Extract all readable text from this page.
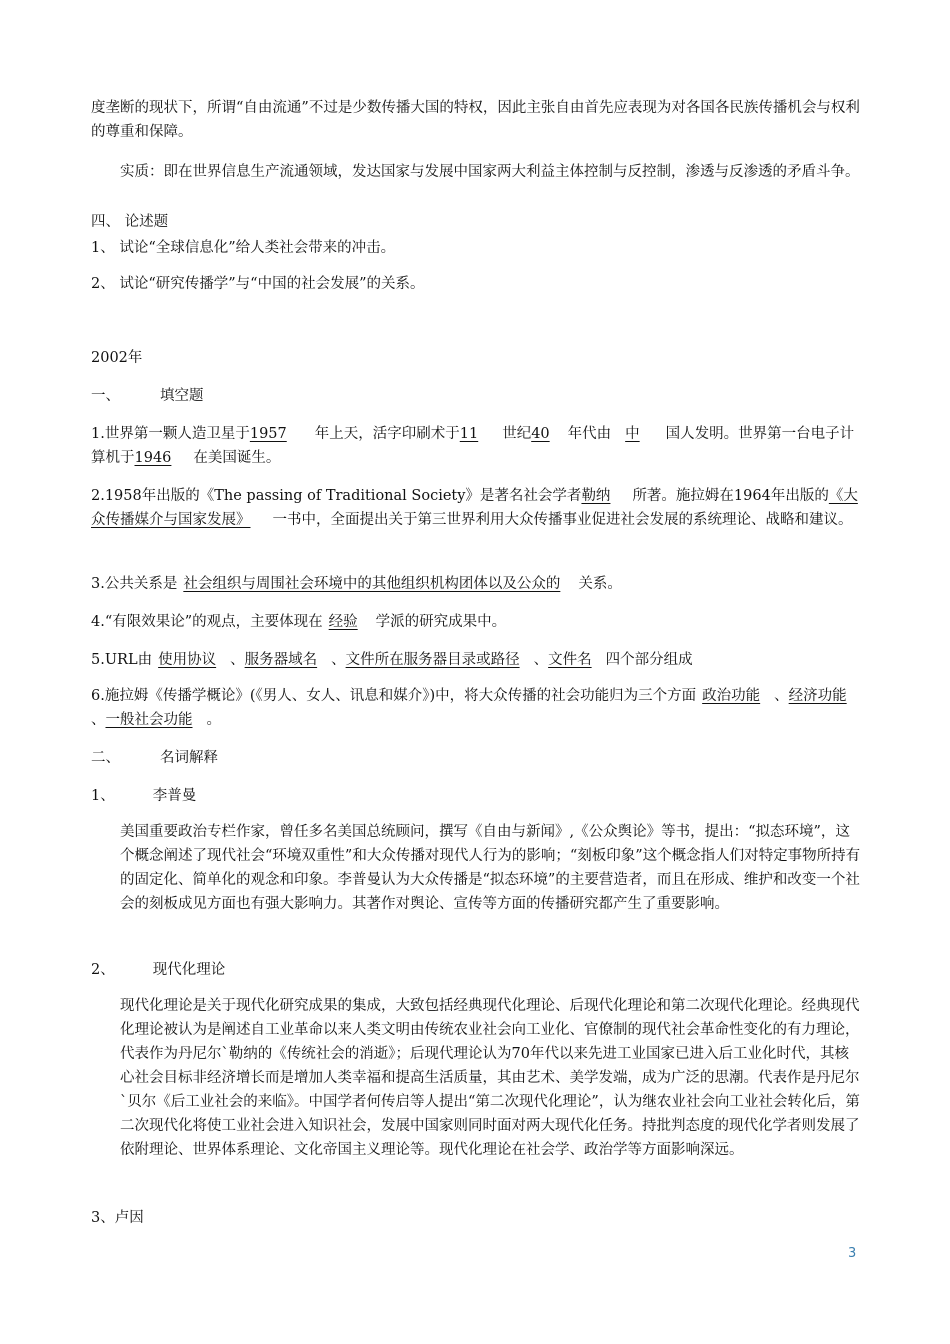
度垄断的现状下，所谓“自由流通”不过是少数传播大国的特权，因此主张自由首先应表现为对各国各民族传播机会与权利的尊重和保障。

实质：即在世界信息生产流通领域，发达国家与发展中国家两大利益主体控制与反控制，渗透与反渗透的矛盾斗争。

四、 论述题

1、 试论“全球信息化”给人类社会带来的冲击。

2、 试论“研究传播学”与“中国的社会发展”的关系。

2002年

一、	填空题

1.世界第一颗人造卫星于1957 年上天，活字印刷术于11 世纪40 年代由 中 国人发明。世界第一台电子计算机于1946 在美国诞生。

2.1958年出版的《The passing of Traditional Society》是著名社会学者勒纳 所著。施拉姆在1964年出版的《大众传播媒介与国家发展》 一书中，全面提出关于第三世界利用大众传播事业促进社会发展的系统理论、战略和建议。

3.公共关系是 社会组织与周围社会环境中的其他组织机构团体以及公众的 关系。

4.“有限效果论”的观点，主要体现在 经验 学派的研究成果中。

5.URL由 使用协议 、服务器域名 、文件所在服务器目录或路径 、文件名 四个部分组成

6.施拉姆《传播学概论》(《男人、女人、讯息和媒介》)中，将大众传播的社会功能归为三个方面 政治功能 、经济功能、一般社会功能 。

二、	名词解释

1、	李普曼

美国重要政治专栏作家，曾任多名美国总统顾问，撰写《自由与新闻》,《公众舆论》等书，提出：“拟态环境”，这个概念阐述了现代社会“环境双重性”和大众传播对现代人行为的影响；“刻板印象”这个概念指人们对特定事物所持有的固定化、简单化的观念和印象。李普曼认为大众传播是“拟态环境”的主要营造者，而且在形成、维护和改变一个社会的刻板成见方面也有强大影响力。其著作对舆论、宣传等方面的传播研究都产生了重要影响。

2、	现代化理论

现代化理论是关于现代化研究成果的集成，大致包括经典现代化理论、后现代化理论和第二次现代化理论。经典现代化理论被认为是阐述自工业革命以来人类文明由传统农业社会向工业化、官僚制的现代社会革命性变化的有力理论，代表作为丹尼尔`勒纳的《传统社会的消逝》；后现代理论认为70年代以来先进工业国家已进入后工业化时代，其核心社会目标非经济增长而是增加人类幸福和提高生活质量，其由艺术、美学发端，成为广泛的思潮。代表作是丹尼尔`贝尔《后工业社会的来临》。中国学者何传启等人提出“第二次现代化理论”，认为继农业社会向工业社会转化后，第二次现代化将使工业社会进入知识社会，发展中国家则同时面对两大现代化任务。持批判态度的现代化学者则发展了依附理论、世界体系理论、文化帝国主义理论等。现代化理论在社会学、政治学等方面影响深远。

3、卢因

3
